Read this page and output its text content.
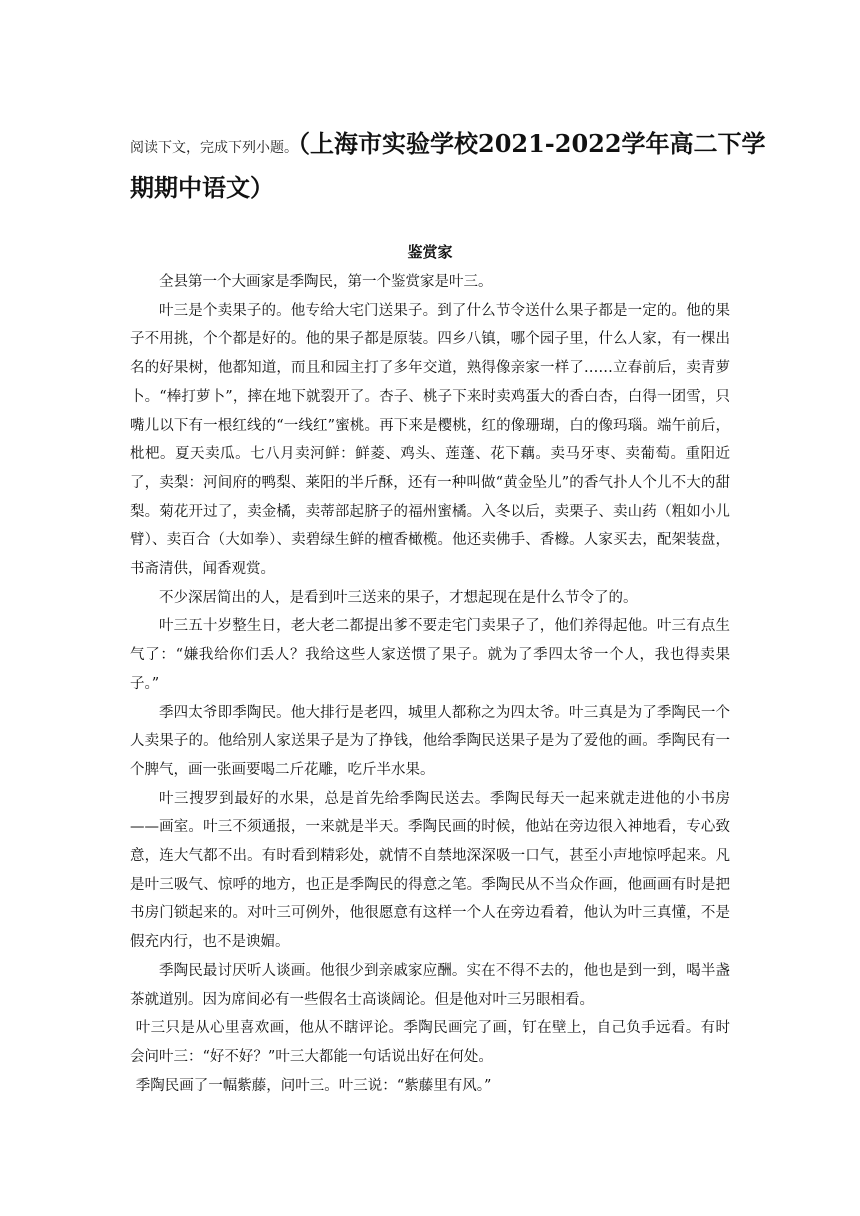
阅读下文，完成下列小题。（上海市实验学校2021-2022学年高二下学
期期中语文）
鉴赏家

全县第一个大画家是季陶民，第一个鉴赏家是叶三。

叶三是个卖果子的。他专给大宅门送果子。到了什么节令送什么果子都是一定的。他的果子不用挑，个个都是好的。他的果子都是原装。四乡八镇，哪个园子里，什么人家，有一棵出名的好果树，他都知道，而且和园主打了多年交道，熟得像亲家一样了……立春前后，卖青萝卜。“棒打萝卜”，摔在地下就裂开了。杏子、桃子下来时卖鸡蛋大的香白杏，白得一团雪，只嘴儿以下有一根红线的“一线红”蜜桃。再下来是樱桃，红的像珊瑚，白的像玛瑙。端午前后，枇杷。夏天卖瓜。七八月卖河鲜：鲜菱、鸡头、莲蓬、花下藕。卖马牙枣、卖葡萄。重阳近了，卖梨：河间府的鸭梨、莱阳的半斤酥，还有一种叫做“黄金坠儿”的香气扑人个儿不大的甜梨。菊花开过了，卖金橘，卖蒂部起脐子的福州蜜橘。入冬以后，卖栗子、卖山药（粗如小儿臂）、卖百合（大如拳）、卖碧绿生鲜的檀香橄榄。他还卖佛手、香橼。人家买去，配架装盘，书斋清供，闻香观赏。

不少深居简出的人，是看到叶三送来的果子，才想起现在是什么节令了的。

叶三五十岁整生日，老大老二都提出爹不要走宅门卖果子了，他们养得起他。叶三有点生气了：“嫌我给你们丢人？我给这些人家送惯了果子。就为了季四太爷一个人，我也得卖果子。”

季四太爷即季陶民。他大排行是老四，城里人都称之为四太爷。叶三真是为了季陶民一个人卖果子的。他给别人家送果子是为了挣钱，他给季陶民送果子是为了爱他的画。季陶民有一个脾气，画一张画要喝二斤花雕，吃斤半水果。

叶三搜罗到最好的水果，总是首先给季陶民送去。季陶民每天一起来就走进他的小书房——画室。叶三不须通报，一来就是半天。季陶民画的时候，他站在旁边很入神地看，专心致意，连大气都不出。有时看到精彩处，就情不自禁地深深吸一口气，甚至小声地惊呼起来。凡是叶三吸气、惊呼的地方，也正是季陶民的得意之笔。季陶民从不当众作画，他画画有时是把书房门锁起来的。对叶三可例外，他很愿意有这样一个人在旁边看着，他认为叶三真懂，不是假充内行，也不是谀媚。

季陶民最讨厌听人谈画。他很少到亲戚家应酬。实在不得不去的，他也是到一到，喝半盏茶就道别。因为席间必有一些假名士高谈阔论。但是他对叶三另眼相看。

叶三只是从心里喜欢画，他从不瞎评论。季陶民画完了画，钉在壁上，自己负手远看。有时会问叶三：“好不好？”叶三大都能一句话说出好在何处。

季陶民画了一幅紫藤，问叶三。叶三说：“紫藤里有风。”
